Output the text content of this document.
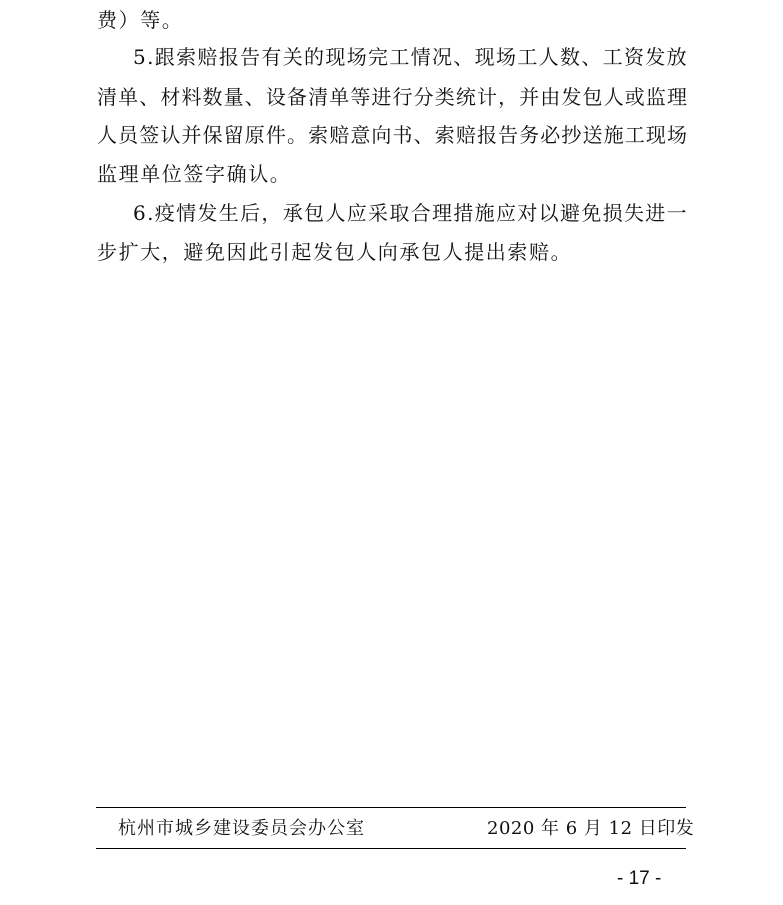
费）等。
5 . 跟 索 赔 报 告 有 关 的 现 场 完 工 情 况 、 现 场 工 人 数 、 工 资 发 放
清 单 、 材 料 数 量 、 设 备 清 单 等 进 行 分 类 统 计 ， 并 由 发 包 人 或 监 理
人 员 签 认 并 保 留 原 件 。 索 赔 意 向 书 、 索 赔 报 告 务 必 抄 送 施 工 现 场
监理单位签字确认。
6 . 疫 情 发 生 后 ， 承 包 人 应 采 取 合 理 措 施 应 对 以 避 免 损 失 进 一
步扩大，避免因此引起发包人向承包人提出索赔。
杭州市城乡建设委员会办公室	2020 年 6 月 12 日印发
- 17 -
